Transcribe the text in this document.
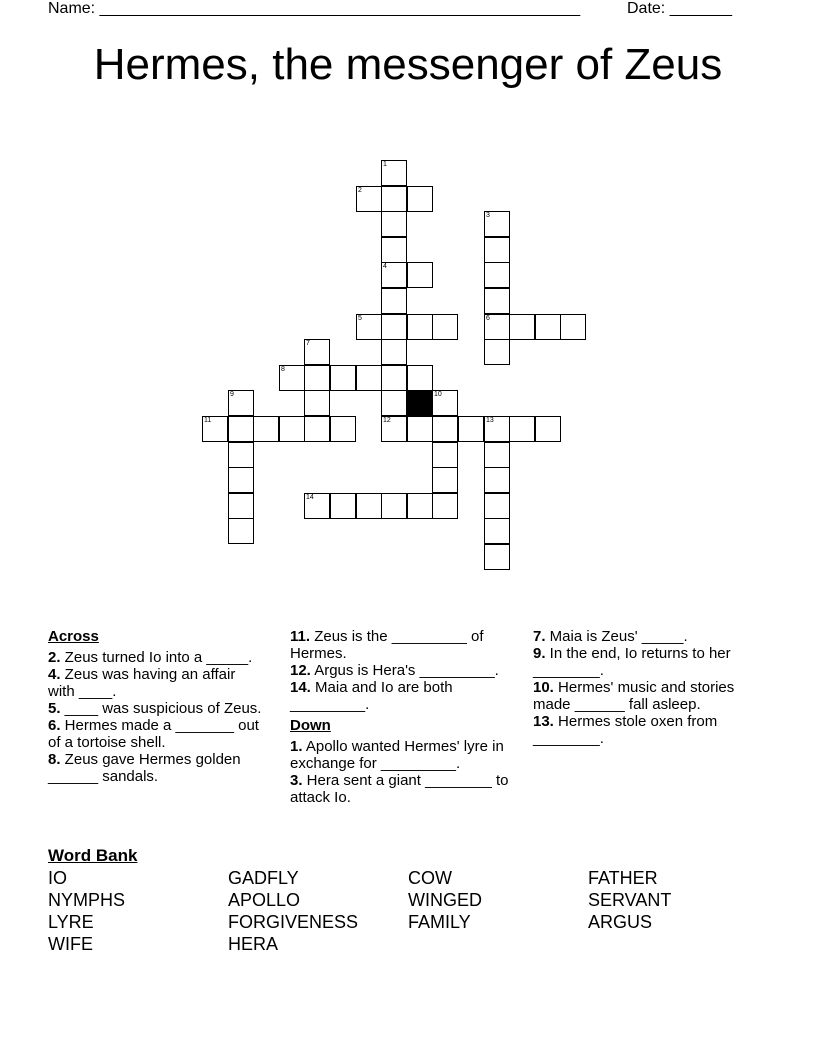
Name: ______________________________________________________	Date: _______
Hermes, the messenger of Zeus
1
2
3
4
5	6
7
8
9	10
11	12	13
14
Across
2. Zeus turned Io into a _____.
4. Zeus was having an affair with ____.
5. ____ was suspicious of Zeus.
6. Hermes made a _______ out of a tortoise shell.
8. Zeus gave Hermes golden ______ sandals.
11. Zeus is the _________ of Hermes.
12. Argus is Hera's _________.
14. Maia and Io are both _________.
Down
1. Apollo wanted Hermes' lyre in exchange for _________.
3. Hera sent a giant ________ to attack Io.
7. Maia is Zeus' _____.
9. In the end, Io returns to her ________.
10. Hermes' music and stories made ______ fall asleep.
13. Hermes stole oxen from ________.
Word Bank
IO
NYMPHS
LYRE
WIFE
GADFLY
APOLLO
FORGIVENESS
HERA
COW
WINGED
FAMILY
FATHER
SERVANT
ARGUS
